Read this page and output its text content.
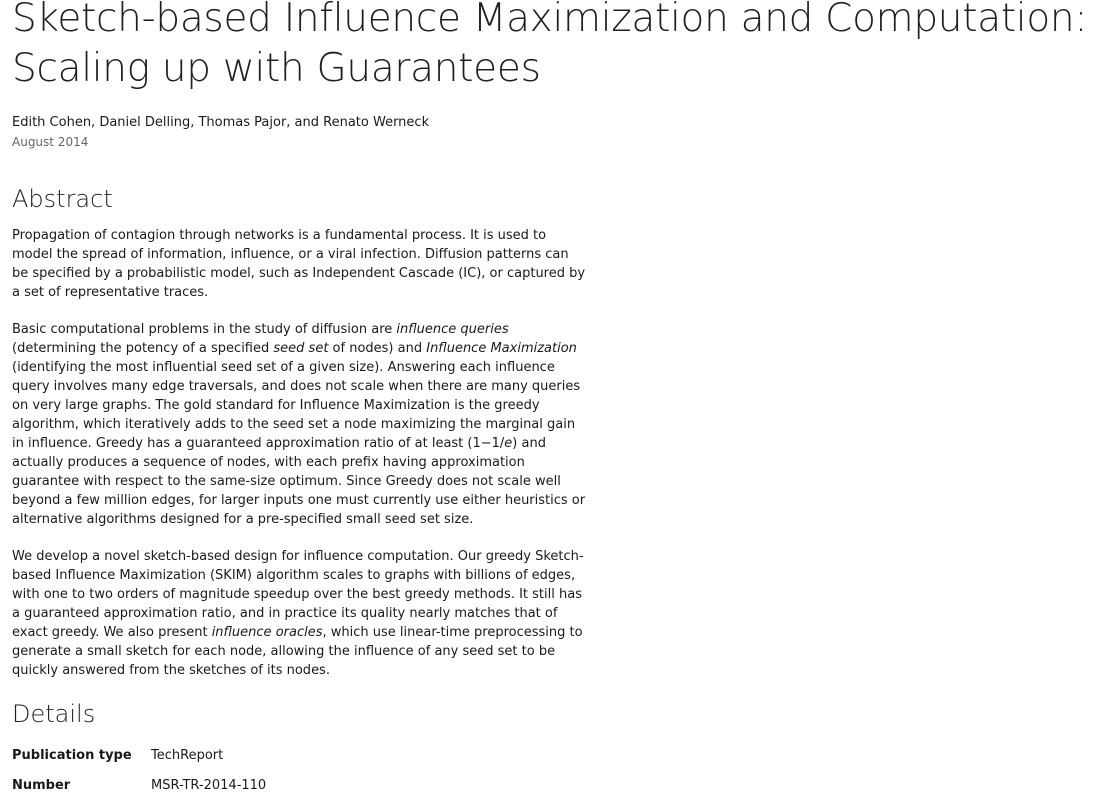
Sketch-based Influence Maximization and Computation:
Scaling up with Guarantees
Edith Cohen, Daniel Delling, Thomas Pajor, and Renato Werneck
August 2014
Abstract

Propagation of contagion through networks is a fundamental process. It is used to model the spread of information, influence, or a viral infection. Diffusion patterns can be specified by a probabilistic model, such as Independent Cascade (IC), or captured by a set of representative traces.

Basic computational problems in the study of diffusion are influence queries (determining the potency of a specified seed set of nodes) and Influence Maximization (identifying the most influential seed set of a given size). Answering each influence query involves many edge traversals, and does not scale when there are many queries on very large graphs. The gold standard for Influence Maximization is the greedy algorithm, which iteratively adds to the seed set a node maximizing the marginal gain in influence. Greedy has a guaranteed approximation ratio of at least (1−1/e) and actually produces a sequence of nodes, with each prefix having approximation guarantee with respect to the same-size optimum. Since Greedy does not scale well beyond a few million edges, for larger inputs one must currently use either heuristics or alternative algorithms designed for a pre-specified small seed set size.

We develop a novel sketch-based design for influence computation. Our greedy Sketch-based Influence Maximization (SKIM) algorithm scales to graphs with billions of edges, with one to two orders of magnitude speedup over the best greedy methods. It still has a guaranteed approximation ratio, and in practice its quality nearly matches that of exact greedy. We also present influence oracles, which use linear-time preprocessing to generate a small sketch for each node, allowing the influence of any seed set to be quickly answered from the sketches of its nodes.

Details
Publication type	TechReport
Number	MSR-TR-2014-110
